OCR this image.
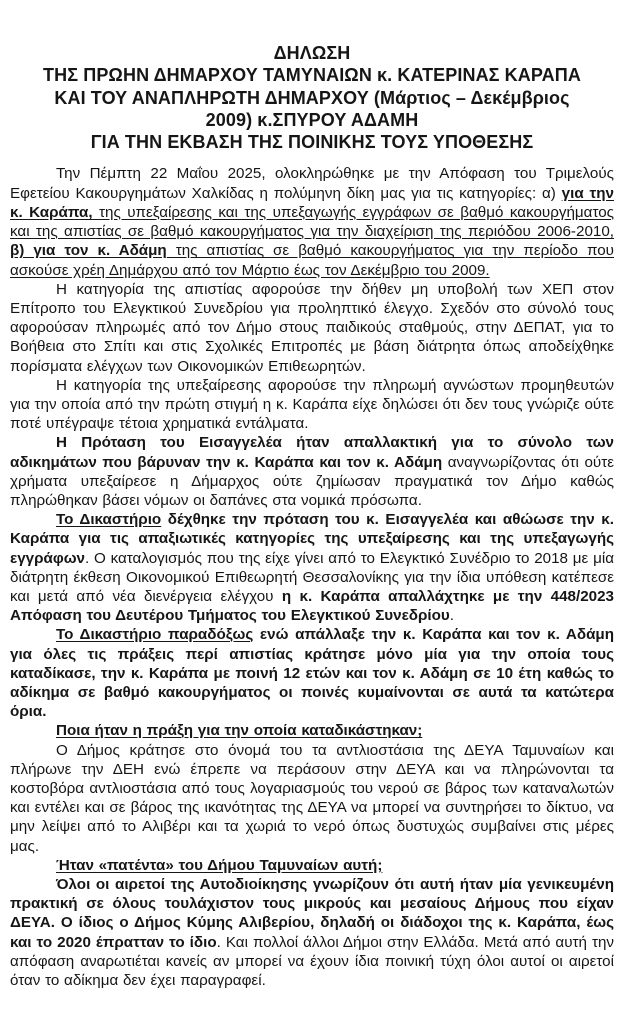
ΔΗΛΩΣΗ

ΤΗΣ ΠΡΩΗΝ ΔΗΜΑΡΧΟΥ ΤΑΜΥΝΑΙΩΝ κ. ΚΑΤΕΡΙΝΑΣ ΚΑΡΑΠΑ

ΚΑΙ ΤΟΥ ΑΝΑΠΛΗΡΩΤΗ ΔΗΜΑΡΧΟΥ (Μάρτιος – Δεκέμβριος

2009) κ.ΣΠΥΡΟΥ ΑΔΑΜΗ

ΓΙΑ ΤΗΝ ΕΚΒΑΣΗ ΤΗΣ ΠΟΙΝΙΚΗΣ ΤΟΥΣ ΥΠΟΘΕΣΗΣ

Την Πέμπτη 22 Μαΐου 2025, ολοκληρώθηκε με την Απόφαση του Τριμελούς Εφετείου Κακουργημάτων Χαλκίδας η πολύμηνη δίκη μας για τις κατηγορίες: α) για την κ. Καράπα, της υπεξαίρεσης και της υπεξαγωγής εγγράφων σε βαθμό κακουργήματος και της απιστίας σε βαθμό κακουργήματος για την διαχείριση της περιόδου 2006-2010, β) για τον κ. Αδάμη της απιστίας σε βαθμό κακουργήματος για την περίοδο που ασκούσε χρέη Δημάρχου από τον Μάρτιο έως τον Δεκέμβριο του 2009.

Η κατηγορία της απιστίας αφορούσε την δήθεν μη υποβολή των ΧΕΠ στον Επίτροπο του Ελεγκτικού Συνεδρίου για προληπτικό έλεγχο. Σχεδόν στο σύνολό τους αφορούσαν πληρωμές από τον Δήμο στους παιδικούς σταθμούς, στην ΔΕΠΑΤ, για το Βοήθεια στο Σπίτι και στις Σχολικές Επιτροπές με βάση διάτρητα όπως αποδείχθηκε πορίσματα ελέγχων των Οικονομικών Επιθεωρητών.

Η κατηγορία της υπεξαίρεσης αφορούσε την πληρωμή αγνώστων προμηθευτών για την οποία από την πρώτη στιγμή η κ. Καράπα είχε δηλώσει ότι δεν τους γνώριζε ούτε ποτέ υπέγραψε τέτοια χρηματικά εντάλματα.

Η Πρόταση του Εισαγγελέα ήταν απαλλακτική για το σύνολο των αδικημάτων που βάρυναν την κ. Καράπα και τον κ. Αδάμη αναγνωρίζοντας ότι ούτε χρήματα υπεξαίρεσε η Δήμαρχος ούτε ζημίωσαν πραγματικά τον Δήμο καθώς πληρώθηκαν βάσει νόμων οι δαπάνες στα νομικά πρόσωπα.

Το Δικαστήριο δέχθηκε την πρόταση του κ. Εισαγγελέα και αθώωσε την κ. Καράπα για τις απαξιωτικές κατηγορίες της υπεξαίρεσης και της υπεξαγωγής εγγράφων. Ο καταλογισμός που της είχε γίνει από το Ελεγκτικό Συνέδριο το 2018 με μία διάτρητη έκθεση Οικονομικού Επιθεωρητή Θεσσαλονίκης για την ίδια υπόθεση κατέπεσε και μετά από νέα διενέργεια ελέγχου η κ. Καράπα απαλλάχτηκε με την 448/2023 Απόφαση του Δευτέρου Τμήματος του Ελεγκτικού Συνεδρίου.

Το Δικαστήριο παραδόξως ενώ απάλλαξε την κ. Καράπα και τον κ. Αδάμη για όλες τις πράξεις περί απιστίας κράτησε μόνο μία για την οποία τους καταδίκασε, την κ. Καράπα με ποινή 12 ετών και τον κ. Αδάμη σε 10 έτη καθώς το αδίκημα σε βαθμό κακουργήματος οι ποινές κυμαίνονται σε αυτά τα κατώτερα όρια.

Ποια ήταν η πράξη για την οποία καταδικάστηκαν;

Ο Δήμος κράτησε στο όνομά του τα αντλιοστάσια της ΔΕΥΑ Ταμυναίων και πλήρωνε την ΔΕΗ ενώ έπρεπε να περάσουν στην ΔΕΥΑ και να πληρώνονται τα κοστοβόρα αντλιοστάσια από τους λογαριασμούς του νερού σε βάρος των καταναλωτών και εντέλει και σε βάρος της ικανότητας της ΔΕΥΑ να μπορεί να συντηρήσει το δίκτυο, να μην λείψει από το Αλιβέρι και τα χωριά το νερό όπως δυστυχώς συμβαίνει στις μέρες μας.

Ήταν «πατέντα» του Δήμου Ταμυναίων αυτή;

Όλοι οι αιρετοί της Αυτοδιοίκησης γνωρίζουν ότι αυτή ήταν μία γενικευμένη πρακτική σε όλους τουλάχιστον τους μικρούς και μεσαίους Δήμους που είχαν ΔΕΥΑ. Ο ίδιος ο Δήμος Κύμης Αλιβερίου, δηλαδή οι διάδοχοι της κ. Καράπα, έως και το 2020 έπρατταν το ίδιο. Και πολλοί άλλοι Δήμοι στην Ελλάδα. Μετά από αυτή την απόφαση αναρωτιέται κανείς αν μπορεί να έχουν ίδια ποινική τύχη όλοι αυτοί οι αιρετοί όταν το αδίκημα δεν έχει παραγραφεί.
